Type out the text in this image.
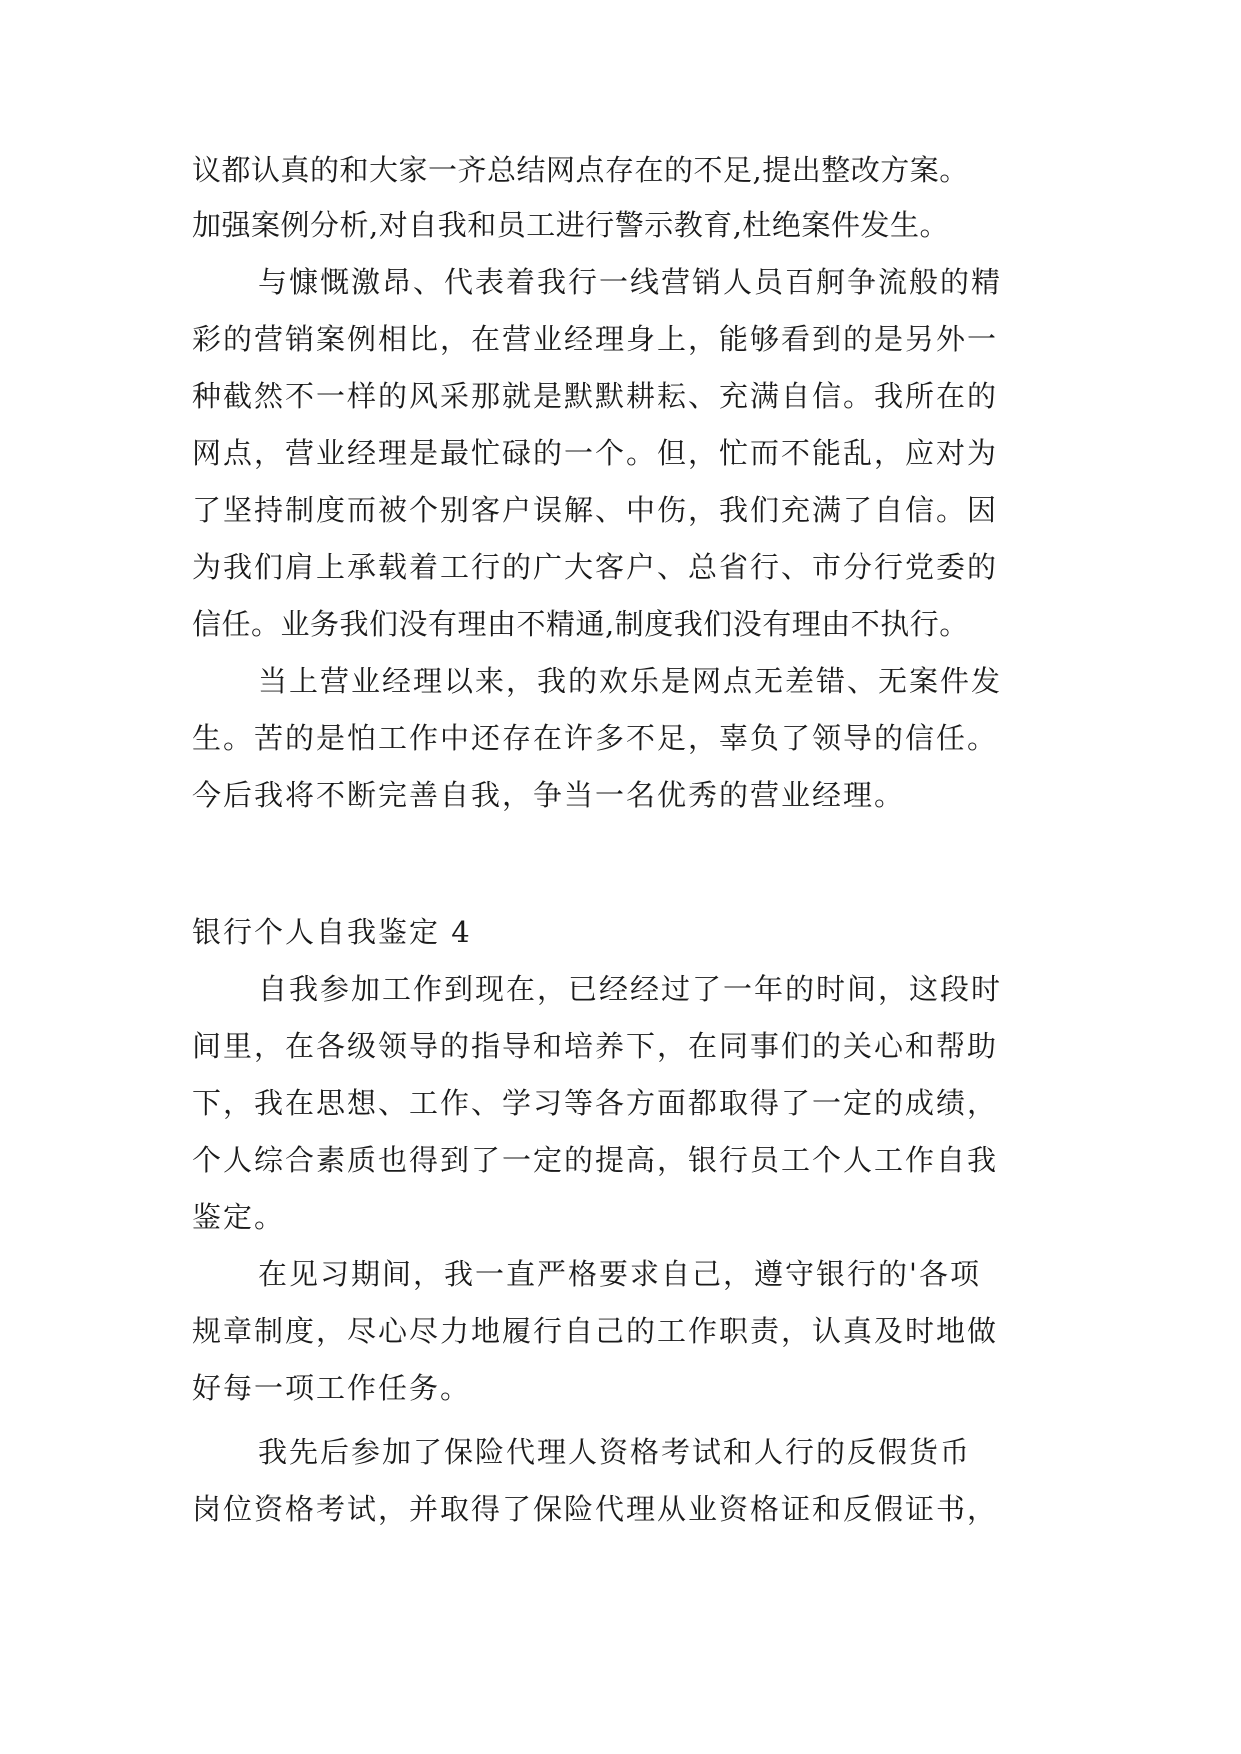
议都认真的和大家一齐总结网点存在的不足,提出整改方案。
加强案例分析,对自我和员工进行警示教育,杜绝案件发生。
与慷慨激昂、代表着我行一线营销人员百舸争流般的精
彩的营销案例相比，在营业经理身上，能够看到的是另外一
种截然不一样的风采那就是默默耕耘、充满自信。我所在的
网点，营业经理是最忙碌的一个。但，忙而不能乱，应对为
了坚持制度而被个别客户误解、中伤，我们充满了自信。因
为我们肩上承载着工行的广大客户、总省行、市分行党委的
信任。业务我们没有理由不精通,制度我们没有理由不执行。
当上营业经理以来，我的欢乐是网点无差错、无案件发
生。苦的是怕工作中还存在许多不足，辜负了领导的信任。
今后我将不断完善自我，争当一名优秀的营业经理。
银行个人自我鉴定 4
自我参加工作到现在，已经经过了一年的时间，这段时
间里，在各级领导的指导和培养下，在同事们的关心和帮助
下，我在思想、工作、学习等各方面都取得了一定的成绩，
个人综合素质也得到了一定的提高，银行员工个人工作自我
鉴定。
在见习期间，我一直严格要求自己，遵守银行的'各项
规章制度，尽心尽力地履行自己的工作职责，认真及时地做
好每一项工作任务。
我先后参加了保险代理人资格考试和人行的反假货币
岗位资格考试，并取得了保险代理从业资格证和反假证书，
